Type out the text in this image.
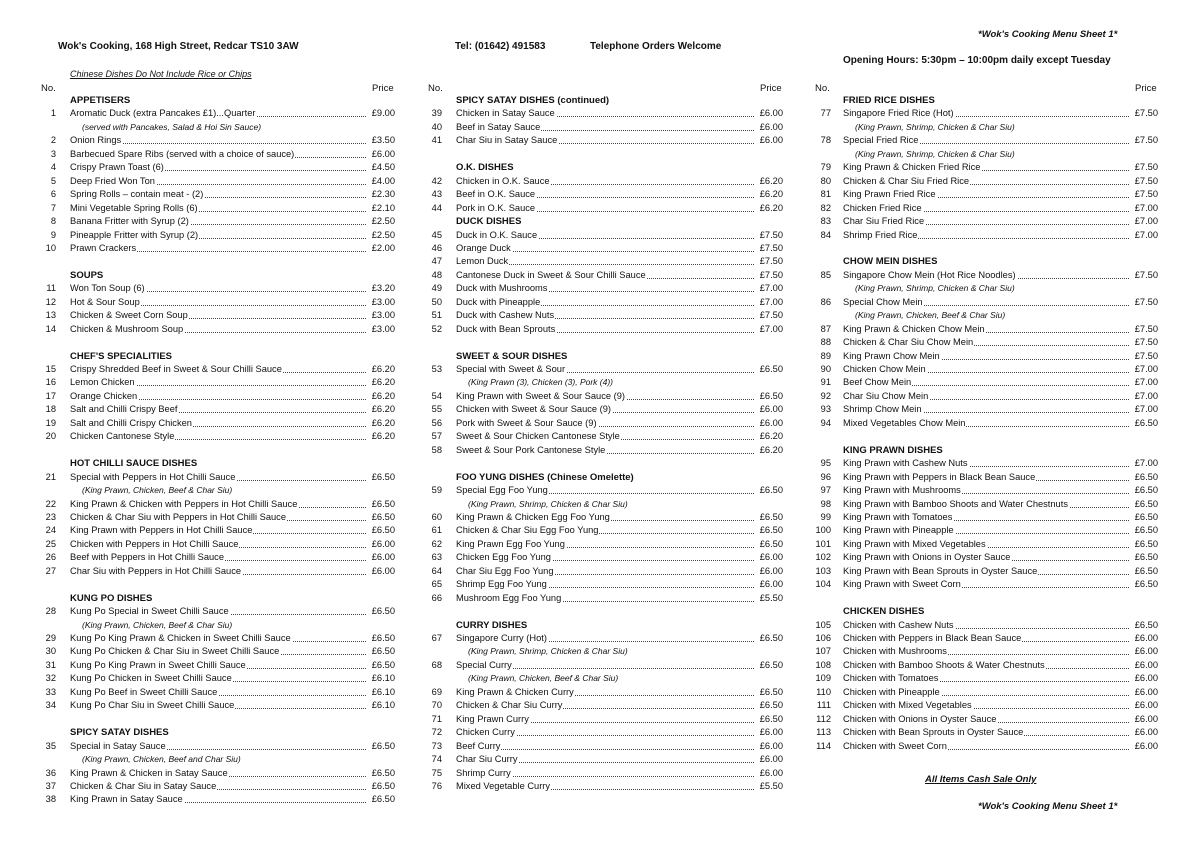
*Wok's Cooking Menu Sheet 1*
Wok's Cooking, 168 High Street, Redcar TS10 3AW	Tel: (01642) 491583	Telephone Orders Welcome
Opening Hours: 5:30pm – 10:00pm daily except Tuesday
Chinese Dishes Do Not Include Rice or Chips
No.	Price	No.	Price	No.	Price
APPETISERS
1 Aromatic Duck (extra Pancakes £1)...Quarter	£9.00
(served with Pancakes, Salad & Hoi Sin Sauce)
2 Onion Rings	£3.50
3 Barbecued Spare Ribs (served with a choice of sauce)	£6.00
4 Crispy Prawn Toast (6)	£4.50
5 Deep Fried Won Ton	£4.00
6 Spring Rolls – contain meat - (2)	£2.30
7 Mini Vegetable Spring Rolls (6)	£2.10
8 Banana Fritter with Syrup (2)	£2.50
9 Pineapple Fritter with Syrup (2)	£2.50
10 Prawn Crackers	£2.00
SOUPS
11 Won Ton Soup (6)	£3.20
12 Hot & Sour Soup	£3.00
13 Chicken & Sweet Corn Soup	£3.00
14 Chicken & Mushroom Soup	£3.00
CHEF'S SPECIALITIES
15 Crispy Shredded Beef in Sweet & Sour Chilli Sauce	£6.20
16 Lemon Chicken	£6.20
17 Orange Chicken	£6.20
18 Salt and Chilli Crispy Beef	£6.20
19 Salt and Chilli Crispy Chicken	£6.20
20 Chicken Cantonese Style	£6.20
HOT CHILLI SAUCE DISHES
21 Special with Peppers in Hot Chilli Sauce	£6.50
(King Prawn, Chicken, Beef & Char Siu)
22 King Prawn & Chicken with Peppers in Hot Chilli Sauce	£6.50
23 Chicken & Char Siu with Peppers in Hot Chilli Sauce	£6.50
24 King Prawn with Peppers in Hot Chilli Sauce	£6.50
25 Chicken with Peppers in Hot Chilli Sauce	£6.00
26 Beef with Peppers in Hot Chilli Sauce	£6.00
27 Char Siu with Peppers in Hot Chilli Sauce	£6.00
KUNG PO DISHES
28 Kung Po Special in Sweet Chilli Sauce	£6.50
(King Prawn, Chicken, Beef & Char Siu)
29 Kung Po King Prawn & Chicken in Sweet Chilli Sauce	£6.50
30 Kung Po Chicken & Char Siu in Sweet Chilli Sauce	£6.50
31 Kung Po King Prawn in Sweet Chilli Sauce	£6.50
32 Kung Po Chicken in Sweet Chilli Sauce	£6.10
33 Kung Po Beef in Sweet Chilli Sauce	£6.10
34 Kung Po Char Siu in Sweet Chilli Sauce	£6.10
SPICY SATAY DISHES
35 Special in Satay Sauce	£6.50
(King Prawn, Chicken, Beef and Char Siu)
36 King Prawn & Chicken in Satay Sauce	£6.50
37 Chicken & Char Siu in Satay Sauce	£6.50
38 King Prawn in Satay Sauce	£6.50
SPICY SATAY DISHES (continued)
39 Chicken in Satay Sauce	£6.00
40 Beef in Satay Sauce	£6.00
41 Char Siu in Satay Sauce	£6.00
O.K. DISHES
42 Chicken in O.K. Sauce	£6.20
43 Beef in O.K. Sauce	£6.20
44 Pork in O.K. Sauce	£6.20
DUCK DISHES
45 Duck in O.K. Sauce	£7.50
46 Orange Duck	£7.50
47 Lemon Duck	£7.50
48 Cantonese Duck in Sweet & Sour Chilli Sauce	£7.50
49 Duck with Mushrooms	£7.00
50 Duck with Pineapple	£7.00
51 Duck with Cashew Nuts	£7.50
52 Duck with Bean Sprouts	£7.00
SWEET & SOUR DISHES
53 Special with Sweet & Sour	£6.50
(King Prawn (3), Chicken (3), Pork (4))
54 King Prawn with Sweet & Sour Sauce (9)	£6.50
55 Chicken with Sweet & Sour Sauce (9)	£6.00
56 Pork with Sweet & Sour Sauce (9)	£6.00
57 Sweet & Sour Chicken Cantonese Style	£6.20
58 Sweet & Sour Pork Cantonese Style	£6.20
FOO YUNG DISHES (Chinese Omelette)
59 Special Egg Foo Yung	£6.50
(King Prawn, Shrimp, Chicken & Char Siu)
60 King Prawn & Chicken Egg Foo Yung	£6.50
61 Chicken & Char Siu Egg Foo Yung	£6.50
62 King Prawn Egg Foo Yung	£6.50
63 Chicken Egg Foo Yung	£6.00
64 Char Siu Egg Foo Yung	£6.00
65 Shrimp Egg Foo Yung	£6.00
66 Mushroom Egg Foo Yung	£5.50
CURRY DISHES
67 Singapore Curry (Hot)	£6.50
(King Prawn, Shrimp, Chicken & Char Siu)
68 Special Curry	£6.50
(King Prawn, Chicken, Beef & Char Siu)
69 King Prawn & Chicken Curry	£6.50
70 Chicken & Char Siu Curry	£6.50
71 King Prawn Curry	£6.50
72 Chicken Curry	£6.00
73 Beef Curry	£6.00
74 Char Siu Curry	£6.00
75 Shrimp Curry	£6.00
76 Mixed Vegetable Curry	£5.50
FRIED RICE DISHES
77 Singapore Fried Rice (Hot)	£7.50
(King Prawn, Shrimp, Chicken & Char Siu)
78 Special Fried Rice	£7.50
(King Prawn, Shrimp, Chicken & Char Siu)
79 King Prawn & Chicken Fried Rice	£7.50
80 Chicken & Char Siu Fried Rice	£7.50
81 King Prawn Fried Rice	£7.50
82 Chicken Fried Rice	£7.00
83 Char Siu Fried Rice	£7.00
84 Shrimp Fried Rice	£7.00
CHOW MEIN DISHES
85 Singapore Chow Mein (Hot Rice Noodles)	£7.50
(King Prawn, Shrimp, Chicken & Char Siu)
86 Special Chow Mein	£7.50
(King Prawn, Chicken, Beef & Char Siu)
87 King Prawn & Chicken Chow Mein	£7.50
88 Chicken & Char Siu Chow Mein	£7.50
89 King Prawn Chow Mein	£7.50
90 Chicken Chow Mein	£7.00
91 Beef Chow Mein	£7.00
92 Char Siu Chow Mein	£7.00
93 Shrimp Chow Mein	£7.00
94 Mixed Vegetables Chow Mein	£6.50
KING PRAWN DISHES
95 King Prawn with Cashew Nuts	£7.00
96 King Prawn with Peppers in Black Bean Sauce	£6.50
97 King Prawn with Mushrooms	£6.50
98 King Prawn with Bamboo Shoots and Water Chestnuts	£6.50
99 King Prawn with Tomatoes	£6.50
100 King Prawn with Pineapple	£6.50
101 King Prawn with Mixed Vegetables	£6.50
102 King Prawn with Onions in Oyster Sauce	£6.50
103 King Prawn with Bean Sprouts in Oyster Sauce	£6.50
104 King Prawn with Sweet Corn	£6.50
CHICKEN DISHES
105 Chicken with Cashew Nuts	£6.50
106 Chicken with Peppers in Black Bean Sauce	£6.00
107 Chicken with Mushrooms	£6.00
108 Chicken with Bamboo Shoots & Water Chestnuts	£6.00
109 Chicken with Tomatoes	£6.00
110 Chicken with Pineapple	£6.00
111 Chicken with Mixed Vegetables	£6.00
112 Chicken with Onions in Oyster Sauce	£6.00
113 Chicken with Bean Sprouts in Oyster Sauce	£6.00
114 Chicken with Sweet Corn	£6.00
All Items Cash Sale Only
*Wok's Cooking Menu Sheet 1*
